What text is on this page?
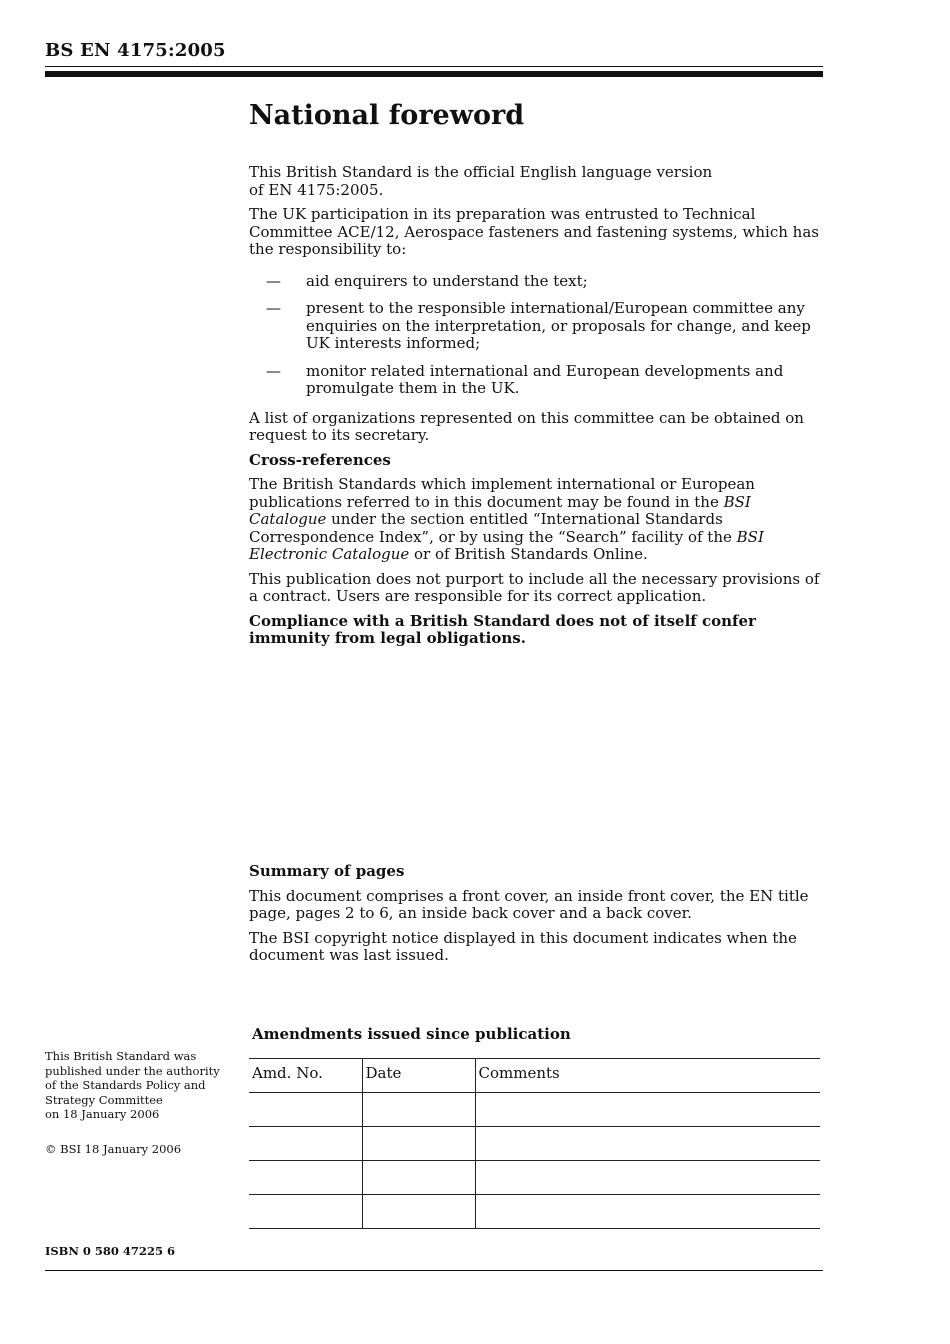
BS EN 4175:2005
National foreword

This British Standard is the official English language version of EN 4175:2005.

The UK participation in its preparation was entrusted to Technical Committee ACE/12, Aerospace fasteners and fastening systems, which has the responsibility to:

—	aid enquirers to understand the text;
—	present to the responsible international/European committee any enquiries on the interpretation, or proposals for change, and keep UK interests informed;
—	monitor related international and European developments and promulgate them in the UK.

A list of organizations represented on this committee can be obtained on request to its secretary.

Cross-references

The British Standards which implement international or European publications referred to in this document may be found in the BSI Catalogue under the section entitled “International Standards Correspondence Index”, or by using the “Search” facility of the BSI Electronic Catalogue or of British Standards Online.

This publication does not purport to include all the necessary provisions of a contract. Users are responsible for its correct application.

Compliance with a British Standard does not of itself confer immunity from legal obligations.

Summary of pages

This document comprises a front cover, an inside front cover, the EN title page, pages 2 to 6, an inside back cover and a back cover.

The BSI copyright notice displayed in this document indicates when the document was last issued.

Amendments issued since publication
Amd. No.	Date	Comments

This British Standard was

published under the authority

of the Standards Policy and

Strategy Committee

on 18 January 2006

© BSI 18 January 2006
ISBN 0 580 47225 6
